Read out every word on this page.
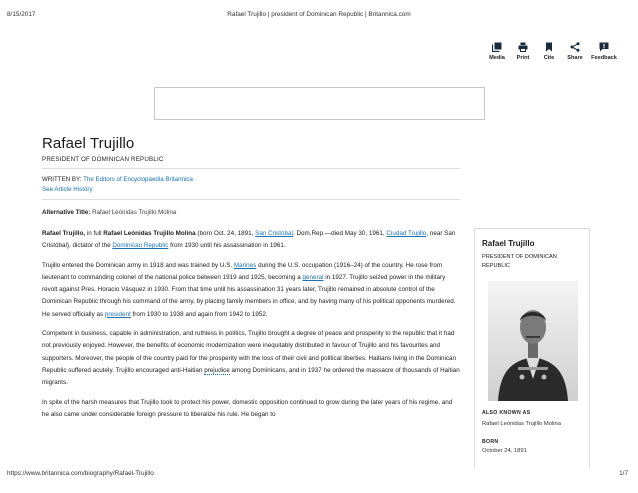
8/15/2017	Rafael Trujillo | president of Dominican Republic | Britannica.com
Media Print	Cite Share Feedback
Rafael Trujillo
PRESIDENT OF DOMINICAN REPUBLIC
WRITTEN BY: The Editors of Encyclopaedia Britannica
See Article History
Alternative Title: Rafael Leónidas Trujillo Molina

Rafael Trujillo, in full Rafael Leónidas Trujillo Molina (born Oct. 24, 1891, San Cristóbal, Dom.Rep.—died May 30, 1961, Ciudad Trujillo, near San Cristóbal), dictator of the Dominican Republic from 1930 until his assassination in 1961.

Trujillo entered the Dominican army in 1918 and was trained by U.S. Marines during the U.S. occupation (1916–24) of the country. He rose from lieutenant to commanding colonel of the national police between 1919 and 1925, becoming a general in 1927. Trujillo seized power in the military revolt against Pres. Horacio Vásquez in 1930. From that time until his assassination 31 years later, Trujillo remained in absolute control of the Dominican Republic through his command of the army, by placing family members in office, and by having many of his political opponents murdered. He served officially as president from 1930 to 1938 and again from 1942 to 1952.

Competent in business, capable in administration, and ruthless in politics, Trujillo brought a degree of peace and prosperity to the republic that it had not previously enjoyed. However, the benefits of economic modernization were inequitably distributed in favour of Trujillo and his favourites and supporters. Moreover, the people of the country paid for the prosperity with the loss of their civil and political liberties. Haitians living in the Dominican Republic suffered acutely. Trujillo encouraged anti-Haitian prejudice among Dominicans, and in 1937 he ordered the massacre of thousands of Haitian migrants.

In spite of the harsh measures that Trujillo took to protect his power, domestic opposition continued to grow during the later years of his regime, and he also came under considerable foreign pressure to liberalize his rule. He began to

Rafael Trujillo
PRESIDENT OF DOMINICAN REPUBLIC
ALSO KNOWN AS
Rafael Leónidas Trujillo Molina
BORN
October 24, 1891
https://www.britannica.com/biography/Rafael-Trujillo	1/7
